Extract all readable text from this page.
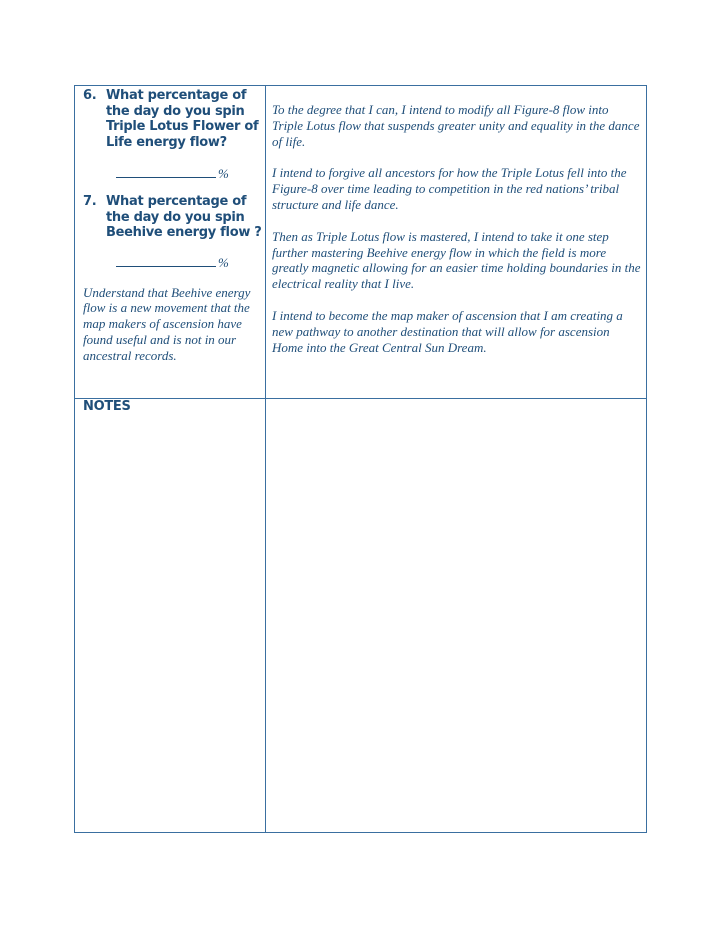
6. What percentage of the day do you spin Triple Lotus Flower of Life energy flow?
%
7. What percentage of the day do you spin Beehive energy flow ?
%
Understand that Beehive energy flow is a new movement that the map makers of ascension have found useful and is not in our ancestral records.

To the degree that I can, I intend to modify all Figure-8 flow into Triple Lotus flow that suspends greater unity and equality in the dance of life.

I intend to forgive all ancestors for how the Triple Lotus fell into the Figure-8 over time leading to competition in the red nations’ tribal structure and life dance.

Then as Triple Lotus flow is mastered, I intend to take it one step further mastering Beehive energy flow in which the field is more greatly magnetic allowing for an easier time holding boundaries in the electrical reality that I live.

I intend to become the map maker of ascension that I am creating a new pathway to another destination that will allow for ascension Home into the Great Central Sun Dream.

NOTES
